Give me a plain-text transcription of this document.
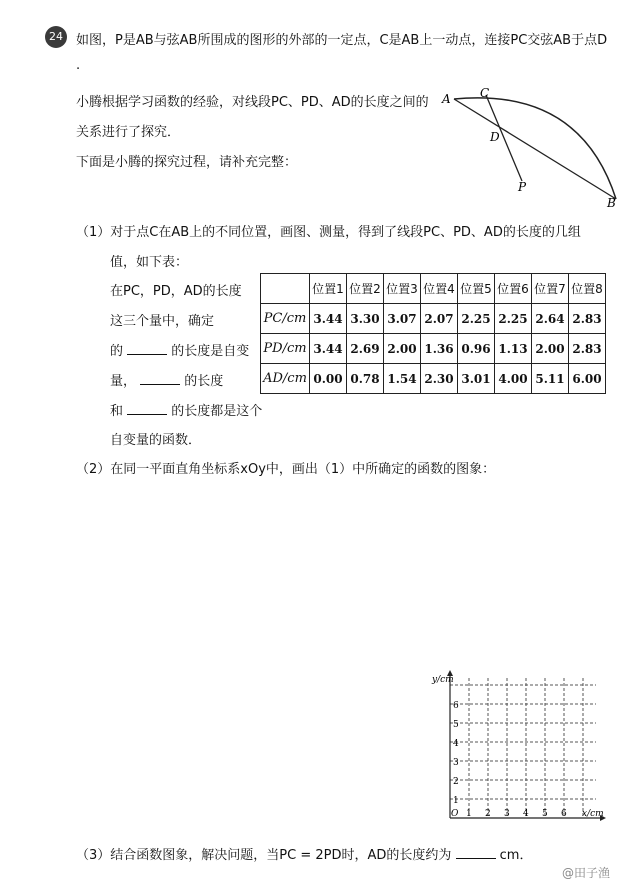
24	如图，P是AB与弦AB所围成的图形的外部的一定点，C是AB上一动点，连接PC交弦AB于点D
.
小腾根据学习函数的经验，对线段PC、PD、AD的长度之间的
关系进行了探究．
下面是小腾的探究过程，请补充完整：
A C
D
P
B
（1）对于点C在AB上的不同位置，画图、测量，得到了线段PC、PD、AD的长度的几组
值，如下表：
在PC，PD，AD的长度
这三个量中，确定
的	的长度是自变
量，	的长度
和	的长度都是这个
自变量的函数．
	位置1	位置2	位置3	位置4	位置5	位置6	位置7	位置8
PC/cm	3.44	3.30	3.07	2.07	2.25	2.25	2.64	2.83
PD/cm	3.44	2.69	2.00	1.36	0.96	1.13	2.00	2.83
AD/cm	0.00	0.78	1.54	2.30	3.01	4.00	5.11	6.00
（2）在同一平面直角坐标系xOy中，画出（1）中所确定的函数的图象：
y/cm
x/cm
O 1 2 3 4 5 6
1
2
3
4
5
6
（3）结合函数图象，解决问题，当PC = 2PD时，AD的长度约为	cm．
@田子渔
